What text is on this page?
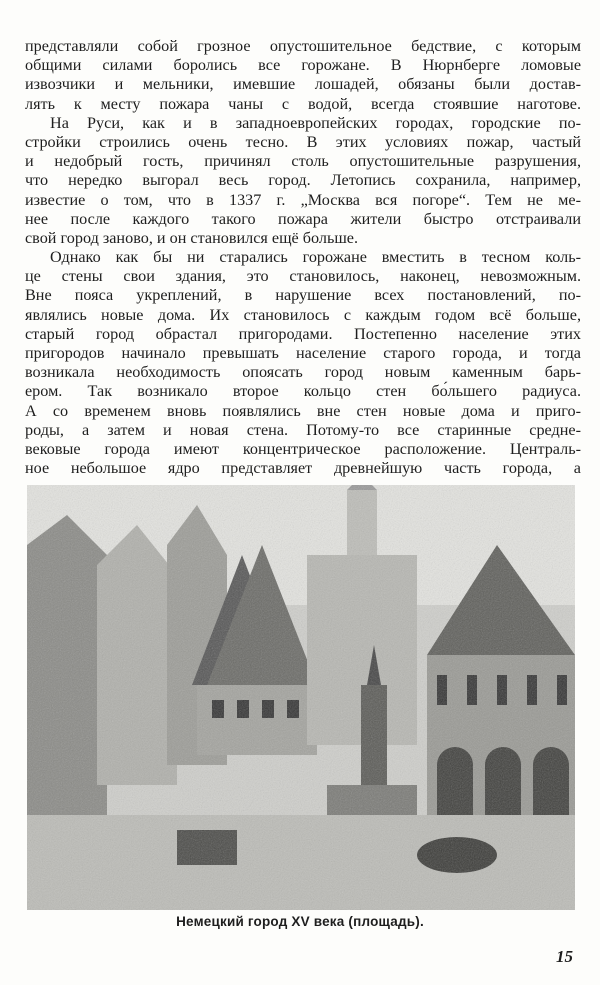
представляли собой грозное опустошительное бедствие, с которым
общими силами боролись все горожане. В Нюрнберге ломовые
извозчики и мельники, имевшие лошадей, обязаны были достав-
лять к месту пожара чаны с водой, всегда стоявшие наготове.
На Руси, как и в западноевропейских городах, городские по-
стройки строились очень тесно. В этих условиях пожар, частый
и недобрый гость, причинял столь опустошительные разрушения,
что нередко выгорал весь город. Летопись сохранила, например,
известие о том, что в 1337 г. „Москва вся погоре“. Тем не ме-
нее после каждого такого пожара жители быстро отстраивали
свой город заново, и он становился ещё больше.
Однако как бы ни старались горожане вместить в тесном коль-
це стены свои здания, это становилось, наконец, невозможным.
Вне пояса укреплений, в нарушение всех постановлений, по-
являлись новые дома. Их становилось с каждым годом всё больше,
старый город обрастал пригородами. Постепенно население этих
пригородов начинало превышать население старого города, и тогда
возникала необходимость опоясать город новым каменным барь-
ером. Так возникало второе кольцо стен бо́льшего радиуса.
А со временем вновь появлялись вне стен новые дома и приго-
роды, а затем и новая стена. Потому-то все старинные средне-
вековые города имеют концентрическое расположение. Централь-
ное небольшое ядро представляет древнейшую часть города, а
Немецкий город XV века (площадь).
15
